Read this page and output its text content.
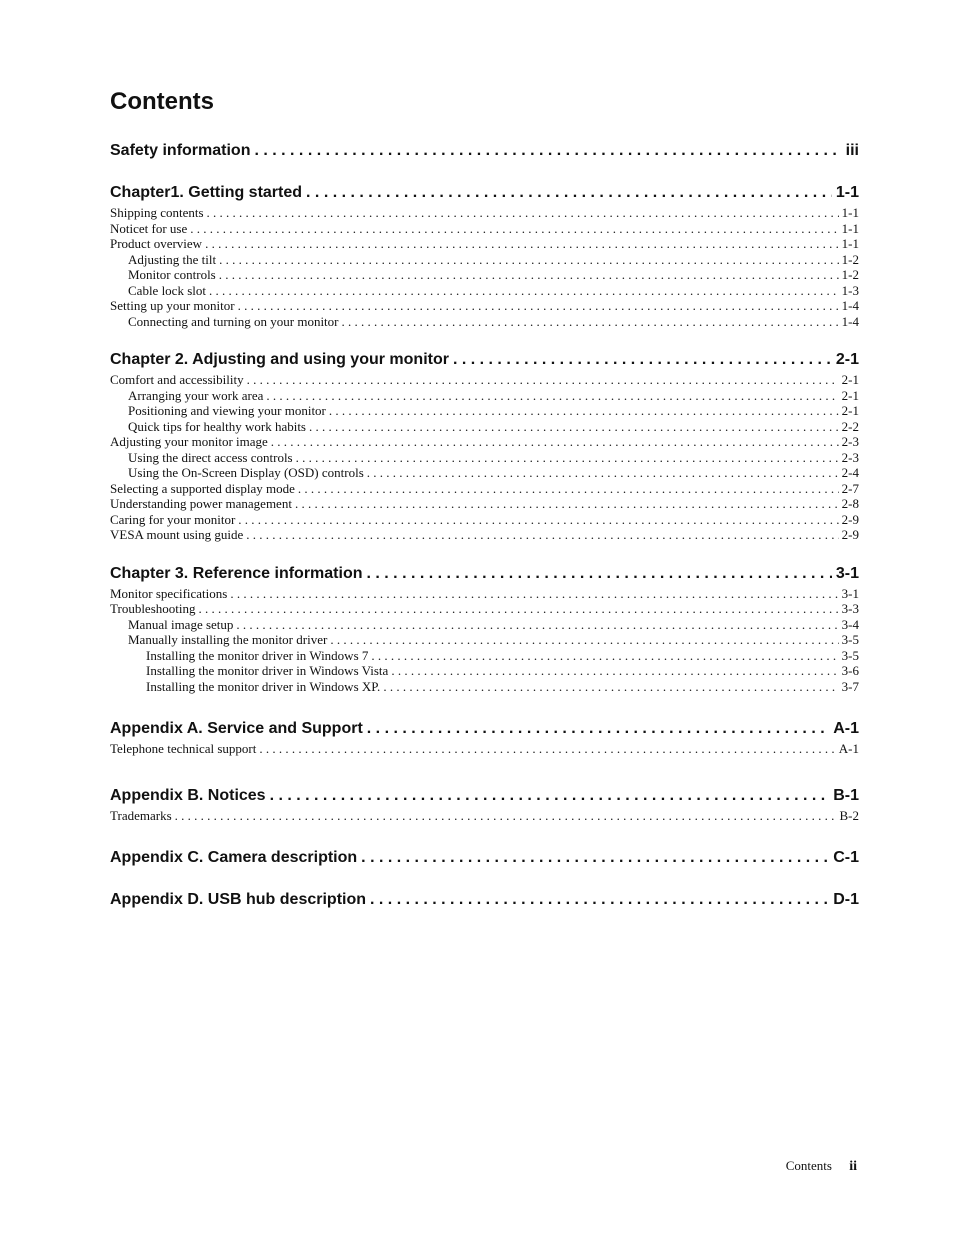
Contents
Safety information . . .	iii
Chapter1. Getting started . . .	1-1
Shipping contents . . .	1-1
Noticet for use . . .	1-1
Product overview . . .	1-1
Adjusting the tilt . . .	1-2
Monitor controls . . .	1-2
Cable lock slot . . .	1-3
Setting up your monitor . . .	1-4
Connecting and turning on your monitor . . .	1-4
Chapter 2. Adjusting and using your monitor . . .	2-1
Comfort and accessibility . . .	2-1
Arranging your work area . . .	2-1
Positioning and viewing your monitor . . .	2-1
Quick tips for healthy work habits . . .	2-2
Adjusting your monitor image . . .	2-3
Using the direct access controls . . .	2-3
Using the On-Screen Display (OSD) controls . . .	2-4
Selecting a supported display mode . . .	2-7
Understanding power management . . .	2-8
Caring for your monitor . . .	2-9
VESA mount using guide . . .	2-9
Chapter 3. Reference information . . .	3-1
Monitor specifications . . .	3-1
Troubleshooting . . .	3-3
Manual image setup . . .	3-4
Manually installing the monitor driver . . .	3-5
Installing the monitor driver in Windows 7 . . .	3-5
Installing the monitor driver in Windows Vista . . .	3-6
Installing the monitor driver in Windows XP. . . .	3-7
Appendix A. Service and Support . . .	A-1
Telephone technical support . . .	A-1
Appendix B. Notices . . .	B-1
Trademarks . . .	B-2
Appendix C. Camera description . . .	C-1
Appendix D. USB hub description . . .	D-1
Contents ii
